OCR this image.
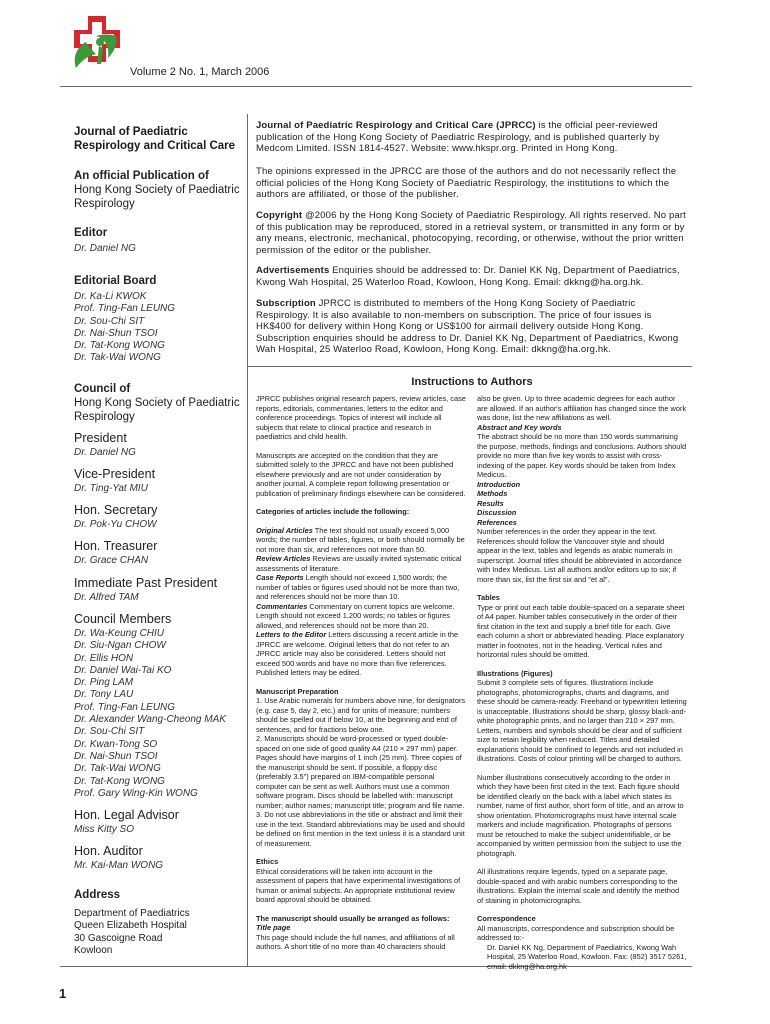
Volume 2 No. 1, March 2006
1
Journal of Paediatric
Respirology and Critical Care
An official Publication of
Hong Kong Society of Paediatric
Respirology
Editor
Dr. Daniel NG
Editorial Board
Dr. Ka-Li KWOK
Prof. Ting-Fan LEUNG
Dr. Sou-Chi SIT
Dr. Nai-Shun TSOI
Dr. Tat-Kong WONG
Dr. Tak-Wai WONG
Council of
Hong Kong Society of Paediatric
Respirology
President
Dr. Daniel NG
Vice-President
Dr. Ting-Yat MIU
Hon. Secretary
Dr. Pok-Yu CHOW
Hon. Treasurer
Dr. Grace CHAN
Immediate Past President
Dr. Alfred TAM
Council Members
Dr. Wa-Keung CHIU
Dr. Siu-Ngan CHOW
Dr. Ellis HON
Dr. Daniel Wai-Tai KO
Dr. Ping LAM
Dr. Tony LAU
Prof. Ting-Fan LEUNG
Dr. Alexander Wang-Cheong MAK
Dr. Sou-Chi SIT
Dr. Kwan-Tong SO
Dr. Nai-Shun TSOI
Dr. Tak-Wai WONG
Dr. Tat-Kong WONG
Prof. Gary Wing-Kin WONG
Hon. Legal Advisor
Miss Kitty SO
Hon. Auditor
Mr. Kai-Man WONG
Address
Department of Paediatrics
Queen Elizabeth Hospital
30 Gascoigne Road
Kowloon
Journal of Paediatric Respirology and Critical Care (JPRCC) is the official peer-reviewed publication of the Hong Kong Society of Paediatric Respirology, and is published quarterly by Medcom Limited. ISSN 1814-4527. Website: www.hkspr.org. Printed in Hong Kong.
The opinions expressed in the JPRCC are those of the authors and do not necessarily reflect the official policies of the Hong Kong Society of Paediatric Respirology, the institutions to which the authors are affiliated, or those of the publisher.
Copyright @2006 by the Hong Kong Society of Paediatric Respirology. All rights reserved. No part of this publication may be reproduced, stored in a retrieval system, or transmitted in any form or by any means, electronic, mechanical, photocopying, recording, or otherwise, without the prior written permission of the editor or the publisher.
Advertisements Enquiries should be addressed to: Dr. Daniel KK Ng, Department of Paediatrics, Kwong Wah Hospital, 25 Waterloo Road, Kowloon, Hong Kong. Email: dkkng@ha.org.hk.
Subscription JPRCC is distributed to members of the Hong Kong Society of Paediatric Respirology. It is also available to non-members on subscription. The price of four issues is HK$400 for delivery within Hong Kong or US$100 for airmail delivery outside Hong Kong. Subscription enquiries should be address to Dr. Daniel KK Ng, Department of Paediatrics, Kwong Wah Hospital, 25 Waterloo Road, Kowloon, Hong Kong. Email: dkkng@ha.org.hk.
Instructions to Authors

JPRCC publishes original research papers, review articles, case reports, editorials, commentaries, letters to the editor and conference proceedings. Topics of interest will include all subjects that relate to clinical practice and research in paediatrics and child health.

Manuscripts are accepted on the condition that they are submitted solely to the JPRCC and have not been published elsewhere previously and are not under consideration by another journal. A complete report following presentation or publication of preliminary findings elsewhere can be considered.

Categories of articles include the following:

Original Articles The text should not usually exceed 5,000 words; the number of tables, figures, or both should normally be not more than six, and references not more than 50.

Review Articles Reviews are usually invited systematic critical assessments of literature.

Case Reports Length should not exceed 1,500 words; the number of tables or figures used should not be more than two, and references should not be more than 10.

Commentaries Commentary on current topics are welcome. Length should not exceed 1,200 words; no tables or figures allowed, and references should not be more than 20.

Letters to the Editor Letters discussing a recent article in the JPRCC are welcome. Original letters that do not refer to an JPRCC article may also be considered. Letters should not exceed 500 words and have no more than five references. Published letters may be edited.

Manuscript Preparation

1. Use Arabic numerals for numbers above nine, for designators (e.g. case 5, day 2, etc.) and for units of measure; numbers should be spelled out if below 10, at the beginning and end of sentences, and for fractions below one.

2. Manuscripts should be word-processed or typed double-spaced on one side of good quality A4 (210 × 297 mm) paper. Pages should have margins of 1 inch (25 mm). Three copies of the manuscript should be sent. If possible, a floppy disc (preferably 3.5") prepared on IBM-compatible personal computer can be sent as well. Authors must use a common software program. Discs should be labelled with: manuscript number; author names; manuscript title; program and file name.

3. Do not use abbreviations in the title or abstract and limit their use in the text. Standard abbreviations may be used and should be defined on first mention in the text unless it is a standard unit of measurement.

Ethics

Ethical considerations will be taken into account in the assessment of papers that have experimental investigations of human or animal subjects. An appropriate institutional review board approval should be obtained.

The manuscript should usually be arranged as follows:

Title page

This page should include the full names, and affiliations of all authors. A short title of no more than 40 characters should

also be given. Up to three academic degrees for each author are allowed. If an author's affiliation has changed since the work was done, list the new affiliations as well.

Abstract and Key words

The abstract should be no more than 150 words summarising the purpose, methods, findings and conclusions. Authors should provide no more than five key words to assist with cross-indexing of the paper. Key words should be taken from Index Medicus.

Introduction

Methods

Results

Discussion

References

Number references in the order they appear in the text. References should follow the Vancouver style and should appear in the text, tables and legends as arabic numerals in superscript. Journal titles should be abbreviated in accordance with Index Medicus. List all authors and/or editors up to six; if more than six, list the first six and "et al".

Tables

Type or print out each table double-spaced on a separate sheet of A4 paper. Number tables consecutively in the order of their first citation in the text and supply a brief title for each. Give each column a short or abbreviated heading. Place explanatory matter in footnotes, not in the heading. Vertical rules and horizontal rules should be omitted.

Illustrations (Figures)

Submit 3 complete sets of figures. Illustrations include photographs, photomicrographs, charts and diagrams, and these should be camera-ready. Freehand or typewritten lettering is unacceptable. Illustrations should be sharp, glossy black-and-white photographic prints, and no larger than 210 × 297 mm. Letters, numbers and symbols should be clear and of sufficient size to retain legibility when reduced. Titles and detailed explanations should be confined to legends and not included in illustrations. Costs of colour printing will be charged to authors.

Number illustrations consecutively according to the order in which they have been first cited in the text. Each figure should be identified clearly on the back with a label which states its number, name of first author, short form of title, and an arrow to show orientation. Photomicrographs must have internal scale markers and include magnification. Photographs of persons must be retouched to make the subject unidentifiable, or be accompanied by written permission from the subject to use the photograph.

All illustrations require legends, typed on a separate page, double-spaced and with arabic numbers corresponding to the illustrations. Explain the internal scale and identify the method of staining in photomicrographs.

Correspondence

All manuscripts, correspondence and subscription should be addressed to:-

Dr. Daniel KK Ng, Department of Paediatrics, Kwong Wah Hospital, 25 Waterloo Road, Kowloon. Fax: (852) 3517 5261, email: dkkng@ha.org.hk
